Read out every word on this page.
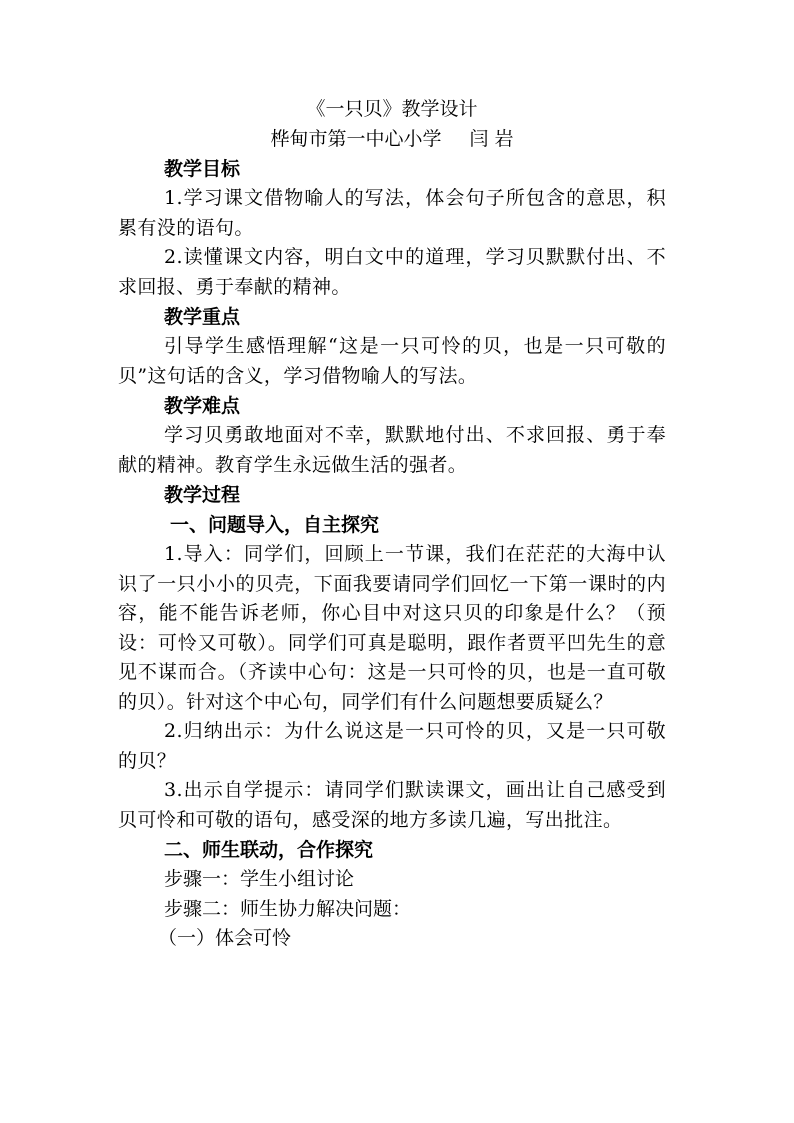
《一只贝》教学设计

桦甸市第一中心小学 闫 岩

教学目标

1.学习课文借物喻人的写法，体会句子所包含的意思，积累有没的语句。

2.读懂课文内容，明白文中的道理，学习贝默默付出、不求回报、勇于奉献的精神。

教学重点

引导学生感悟理解“这是一只可怜的贝，也是一只可敬的贝”这句话的含义，学习借物喻人的写法。

教学难点

学习贝勇敢地面对不幸，默默地付出、不求回报、勇于奉献的精神。教育学生永远做生活的强者。

教学过程

一、问题导入，自主探究

1.导入：同学们，回顾上一节课，我们在茫茫的大海中认识了一只小小的贝壳，下面我要请同学们回忆一下第一课时的内容，能不能告诉老师，你心目中对这只贝的印象是什么？（预设：可怜又可敬）。同学们可真是聪明，跟作者贾平凹先生的意见不谋而合。（齐读中心句：这是一只可怜的贝，也是一直可敬的贝）。针对这个中心句，同学们有什么问题想要质疑么？

2.归纳出示：为什么说这是一只可怜的贝，又是一只可敬的贝？

3.出示自学提示：请同学们默读课文，画出让自己感受到贝可怜和可敬的语句，感受深的地方多读几遍，写出批注。

二、师生联动，合作探究

步骤一：学生小组讨论

步骤二：师生协力解决问题：

（一）体会可怜
